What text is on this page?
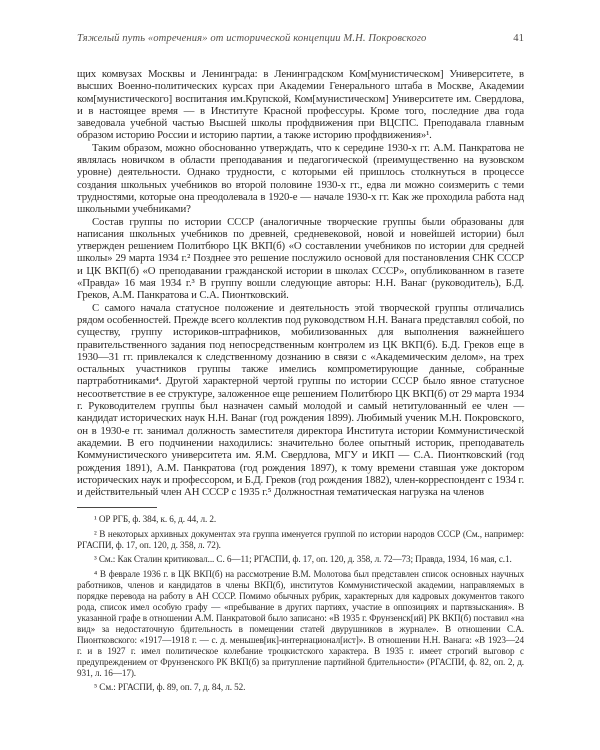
Тяжелый путь «отречения» от исторической концепции М.Н. Покровского	41

щих комвузах Москвы и Ленинграда: в Ленинградском Ком[мунистическом] Университете, в высших Военно-политических курсах при Академии Генерального штаба в Москве, Академии ком[мунистического] воспитания им.Крупской, Ком[мунистическом] Университете им. Свердлова, и в настоящее время — в Институте Красной профессуры. Кроме того, последние два года заведовала учебной частью Высшей школы профдвижения при ВЦСПС. Преподавала главным образом историю России и историю партии, а также историю профдвижения»¹.

Таким образом, можно обоснованно утверждать, что к середине 1930-х гг. А.М. Панкратова не являлась новичком в области преподавания и педагогической (преимущественно на вузовском уровне) деятельности. Однако трудности, с которыми ей пришлось столкнуться в процессе создания школьных учебников во второй половине 1930-х гг., едва ли можно соизмерить с теми трудностями, которые она преодолевала в 1920-е — начале 1930-х гг. Как же проходила работа над школьными учебниками?

Состав группы по истории СССР (аналогичные творческие группы были образованы для написания школьных учебников по древней, средневековой, новой и новейшей истории) был утвержден решением Политбюро ЦК ВКП(б) «О составлении учебников по истории для средней школы» 29 марта 1934 г.² Позднее это решение послужило основой для постановления СНК СССР и ЦК ВКП(б) «О преподавании гражданской истории в школах СССР», опубликованном в газете «Правда» 16 мая 1934 г.³ В группу вошли следующие авторы: Н.Н. Ванаг (руководитель), Б.Д. Греков, А.М. Панкратова и С.А. Пионтковский.

С самого начала статусное положение и деятельность этой творческой группы отличались рядом особенностей. Прежде всего коллектив под руководством Н.Н. Ванага представлял собой, по существу, группу историков-штрафников, мобилизованных для выполнения важнейшего правительственного задания под непосредственным контролем из ЦК ВКП(б). Б.Д. Греков еще в 1930—31 гг. привлекался к следственному дознанию в связи с «Академическим делом», на трех остальных участников группы также имелись компрометирующие данные, собранные партработниками⁴. Другой характерной чертой группы по истории СССР было явное статусное несоответствие в ее структуре, заложенное еще решением Политбюро ЦК ВКП(б) от 29 марта 1934 г. Руководителем группы был назначен самый молодой и самый нетитулованный ее член — кандидат исторических наук Н.Н. Ванаг (год рождения 1899). Любимый ученик М.Н. Покровского, он в 1930-е гг. занимал должность заместителя директора Института истории Коммунистической академии. В его подчинении находились: значительно более опытный историк, преподаватель Коммунистического университета им. Я.М. Свердлова, МГУ и ИКП — С.А. Пионтковский (год рождения 1891), А.М. Панкратова (год рождения 1897), к тому времени ставшая уже доктором исторических наук и профессором, и Б.Д. Греков (год рождения 1882), член-корреспондент с 1934 г. и действительный член АН СССР с 1935 г.⁵ Должностная тематическая нагрузка на членов

¹ ОР РГБ, ф. 384, к. 6, д. 44, л. 2.

² В некоторых архивных документах эта группа именуется группой по истории народов СССР (См., например: РГАСПИ, ф. 17, оп. 120, д. 358, л. 72).

³ См.: Как Сталин критиковал... С. 6—11; РГАСПИ, ф. 17, оп. 120, д. 358, л. 72—73; Правда, 1934, 16 мая, с.1.

⁴ В феврале 1936 г. в ЦК ВКП(б) на рассмотрение В.М. Молотова был представлен список основных научных работников, членов и кандидатов в члены ВКП(б), институтов Коммунистической академии, направляемых в порядке перевода на работу в АН СССР. Помимо обычных рубрик, характерных для кадровых документов такого рода, список имел особую графу — «пребывание в других партиях, участие в оппозициях и партвзыскания». В указанной графе в отношении А.М. Панкратовой было записано: «В 1935 г. Фрунзенск[ий] РК ВКП(б) поставил «на вид» за недостаточную бдительность в помещении статей двурушников в журнале». В отношении С.А. Пионтковского: «1917—1918 г. — с. д. меньшев[ик]-интернационал[ист]». В отношении Н.Н. Ванага: «В 1923—24 г. и в 1927 г. имел политическое колебание троцкистского характера. В 1935 г. имеет строгий выговор с предупреждением от Фрунзенского РК ВКП(б) за притупление партийной бдительности» (РГАСПИ, ф. 82, оп. 2, д. 931, л. 16—17).

⁵ См.: РГАСПИ, ф. 89, оп. 7, д. 84, л. 52.
